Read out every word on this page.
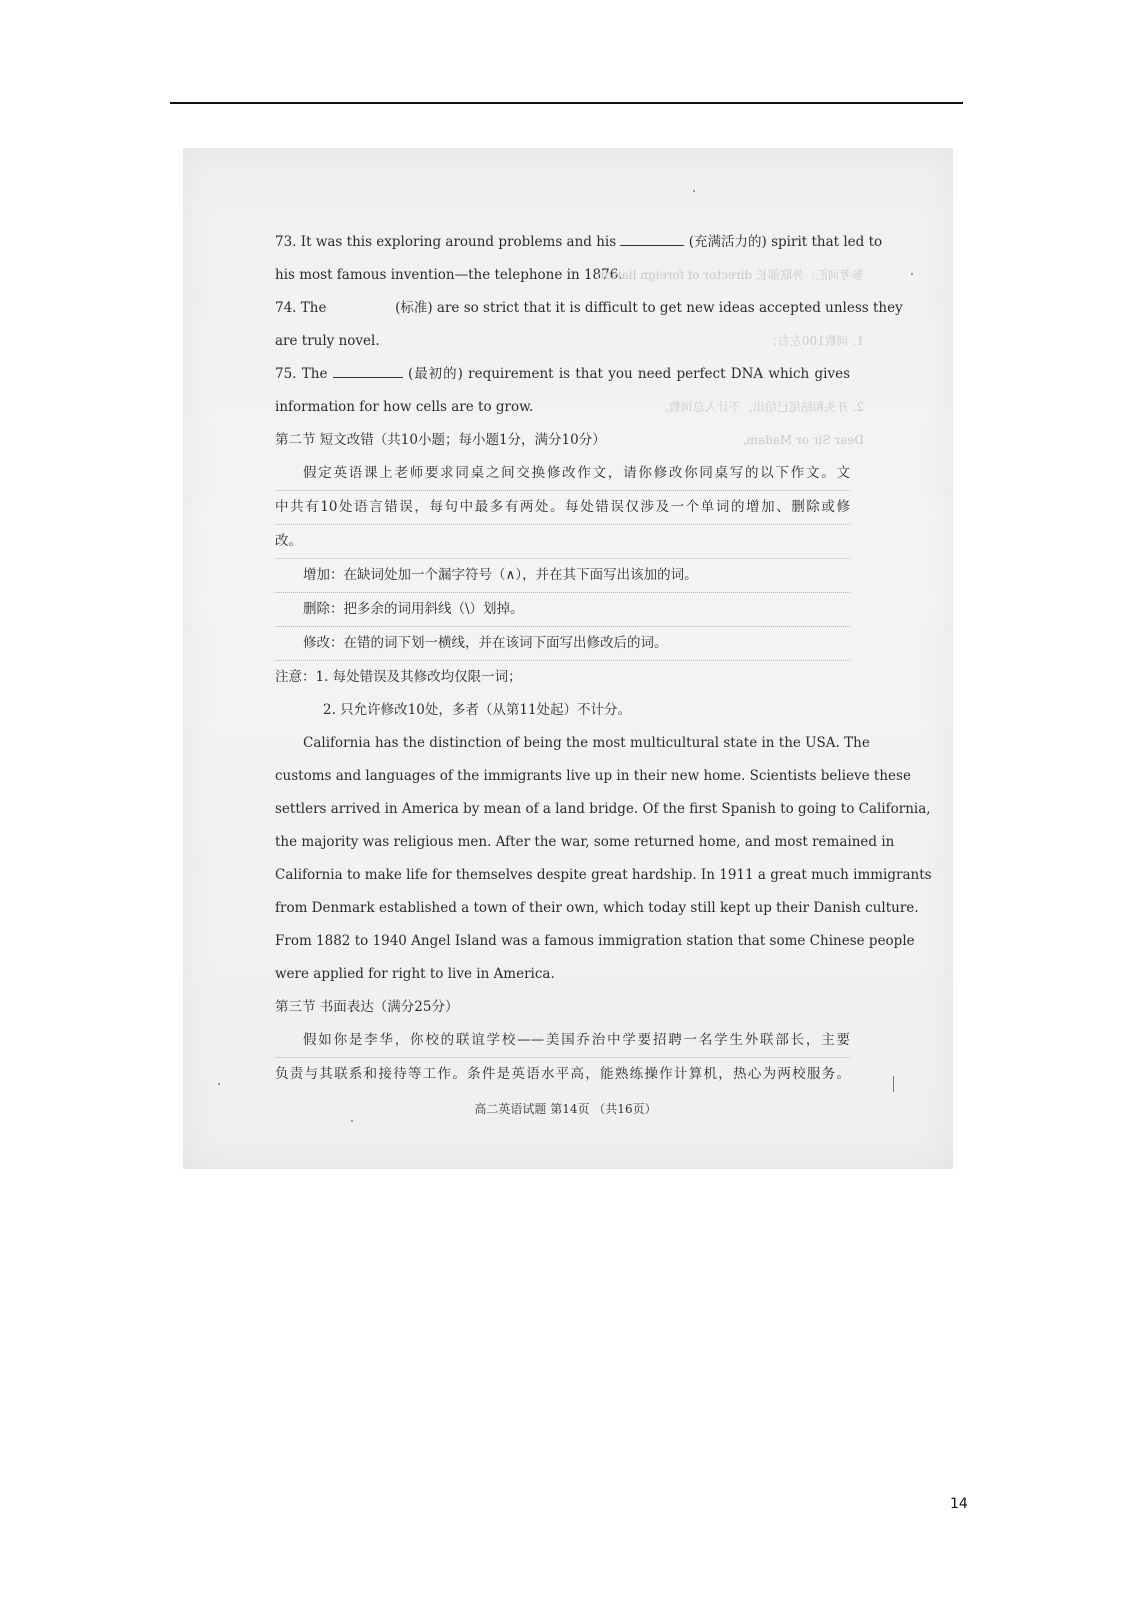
73. It was this exploring around problems and his	(充满活力的) spirit that led to
his most famous invention—the telephone in 1876.
参考词汇：外联部长 director of foreign liaison
74. The	(标准) are so strict that it is difficult to get new ideas accepted unless they
are truly novel.	1. 词数100左右；
75. The	(最初的) requirement is that you need perfect DNA which gives
information for how cells are to grow.	2. 开头和结尾已给出，不计入总词数。
第二节 短文改错（共10小题；每小题1分，满分10分）	Dear Sir or Madam,
假定英语课上老师要求同桌之间交换修改作文，请你修改你同桌写的以下作文。文
中共有10处语言错误，每句中最多有两处。每处错误仅涉及一个单词的增加、删除或修
改。
增加：在缺词处加一个漏字符号（∧），并在其下面写出该加的词。
删除：把多余的词用斜线（\）划掉。
修改：在错的词下划一横线，并在该词下面写出修改后的词。
注意：1. 每处错误及其修改均仅限一词；
2. 只允许修改10处，多者（从第11处起）不计分。
California has the distinction of being the most multicultural state in the USA. The
customs and languages of the immigrants live up in their new home. Scientists believe these
settlers arrived in America by mean of a land bridge. Of the first Spanish to going to California,
the majority was religious men. After the war, some returned home, and most remained in
California to make life for themselves despite great hardship. In 1911 a great much immigrants
from Denmark established a town of their own, which today still kept up their Danish culture.
From 1882 to 1940 Angel Island was a famous immigration station that some Chinese people
were applied for right to live in America.
第三节 书面表达（满分25分）
假如你是李华，你校的联谊学校——美国乔治中学要招聘一名学生外联部长，主要
负责与其联系和接待等工作。条件是英语水平高，能熟练操作计算机，热心为两校服务。
高二英语试题 第14页 （共16页）
14
